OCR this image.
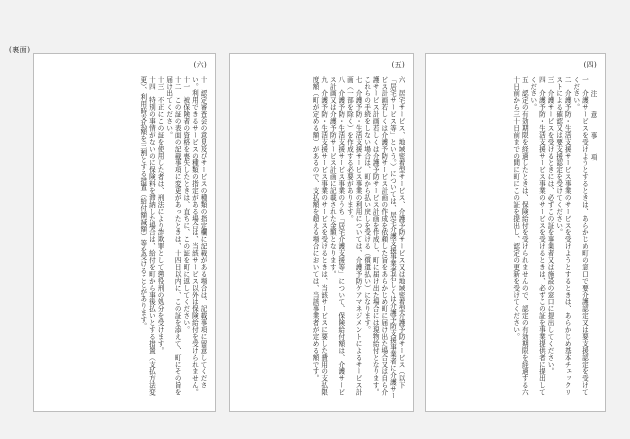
(裏面)
(六)

十　認定審査会の意見及びサービスの種類の指定欄に記載がある場合は、記載事項に留意してください。利用できるサービスの種類の指定がある場合は、当該サービス以外は保険給付を受けられません。

十一　被保険者の資格を喪失したときは、直ちに、この証を町に返してください。

十二　この証の表面の記載事項に変更があったときは、十四日以内に、この証を添えて、町にその旨を届け出てください。

十三　不正にこの証を使用した者は、刑法により詐欺罪として懲役刑の処分を受けます。

十四　特別の事情がないのに保険料を滞納した場合は、給付を町から事後払いとする措置（支払方法変更）、利用時支払額を三割とする措置（給付額減額）等を受けることがあります。

(五)

六　居宅サービス、地域密着型サービス、介護予防サービス又は地域密着型介護予防サービス（以下「居宅サービス等」という。）については、居宅介護支援事業者若しくは介護予防支援事業者に介護サービス計画若しくは介護予防サービス計画の作成を依頼した旨をあらかじめ町に届け出た場合又は自ら介護サービス計画若しくは介護予防サービス計画を作成し、町に届け出た場合には現物給付となります。これらの手続をしない場合は、町から払い戻しを受ける（償還払い）になります。

七　介護予防・生活支援サービス事業の利用については、介護予防ケアマネジメントによるサービス計画（一部を除く）を作成する必要があります。

八　介護予防・生活支援サービス事業のうち「居宅介護支援等」について、保険給付額は、介護サービス計画又は介護予防サービス計画に記載された金額となります。

九　介護予防・生活支援サービス事業のサービスを受けるときは、当該サービスに要した費用の支払限度額（町が定める額）があるので、支払額を超える場合においては、当該事業者が定める額です。

(四)

注　意　事　項

一　介護サービスを受けようとするときは、あらかじめ町の窓口で要介護認定又は要支援認定を受けてください。

二　介護予防・生活支援サービス事業のサービスを受けようとするときは、あらかじめ基本チェックリストによる確認又は要支援認定を受けてください。

三　介護サービスを受けるときには、必ずこの証を事業者又は施設の窓口に提出してください。

四　介護予防・生活支援サービス事業のサービスを受けるときは、必ずこの証を事業提供者に提出してください。

五　認定の有効期限を経過したときは、保険給付を受けられませんので、認定の有効期限を経過する六十日前から三十日前までの間に町にこの証を提出し、認定の更新を受けてください。
